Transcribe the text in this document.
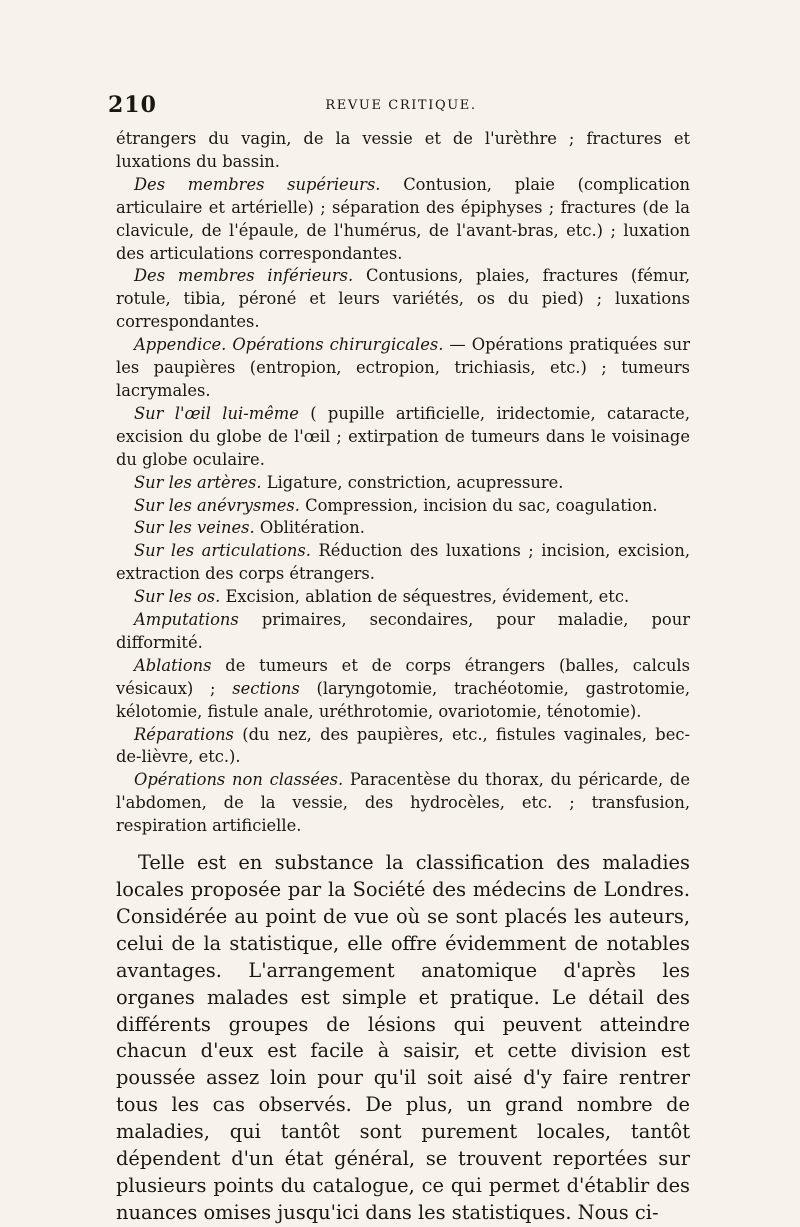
210	REVUE CRITIQUE.

étrangers du vagin, de la vessie et de l'urèthre ; fractures et luxations du bassin.

Des membres supérieurs. Contusion, plaie (complication articulaire et artérielle) ; séparation des épiphyses ; fractures (de la clavicule, de l'épaule, de l'humérus, de l'avant-bras, etc.) ; luxation des articulations correspondantes.

Des membres inférieurs. Contusions, plaies, fractures (fémur, rotule, tibia, péroné et leurs variétés, os du pied) ; luxations correspondantes.

Appendice. Opérations chirurgicales. — Opérations pratiquées sur les paupières (entropion, ectropion, trichiasis, etc.) ; tumeurs lacrymales.

Sur l'œil lui-même ( pupille artificielle, iridectomie, cataracte, excision du globe de l'œil ; extirpation de tumeurs dans le voisinage du globe oculaire.

Sur les artères. Ligature, constriction, acupressure.

Sur les anévrysmes. Compression, incision du sac, coagulation.

Sur les veines. Oblitération.

Sur les articulations. Réduction des luxations ; incision, excision, extraction des corps étrangers.

Sur les os. Excision, ablation de séquestres, évidement, etc.

Amputations primaires, secondaires, pour maladie, pour difformité.

Ablations de tumeurs et de corps étrangers (balles, calculs vésicaux) ; sections (laryngotomie, trachéotomie, gastrotomie, kélotomie, fistule anale, uréthrotomie, ovariotomie, ténotomie).

Réparations (du nez, des paupières, etc., fistules vaginales, bec-de-lièvre, etc.).

Opérations non classées. Paracentèse du thorax, du péricarde, de l'abdomen, de la vessie, des hydrocèles, etc. ; transfusion, respiration artificielle.

Telle est en substance la classification des maladies locales proposée par la Société des médecins de Londres. Considérée au point de vue où se sont placés les auteurs, celui de la statistique, elle offre évidemment de notables avantages. L'arrangement anatomique d'après les organes malades est simple et pratique. Le détail des différents groupes de lésions qui peuvent atteindre chacun d'eux est facile à saisir, et cette division est poussée assez loin pour qu'il soit aisé d'y faire rentrer tous les cas observés. De plus, un grand nombre de maladies, qui tantôt sont purement locales, tantôt dépendent d'un état général, se trouvent reportées sur plusieurs points du catalogue, ce qui permet d'établir des nuances omises jusqu'ici dans les statistiques. Nous ci-
